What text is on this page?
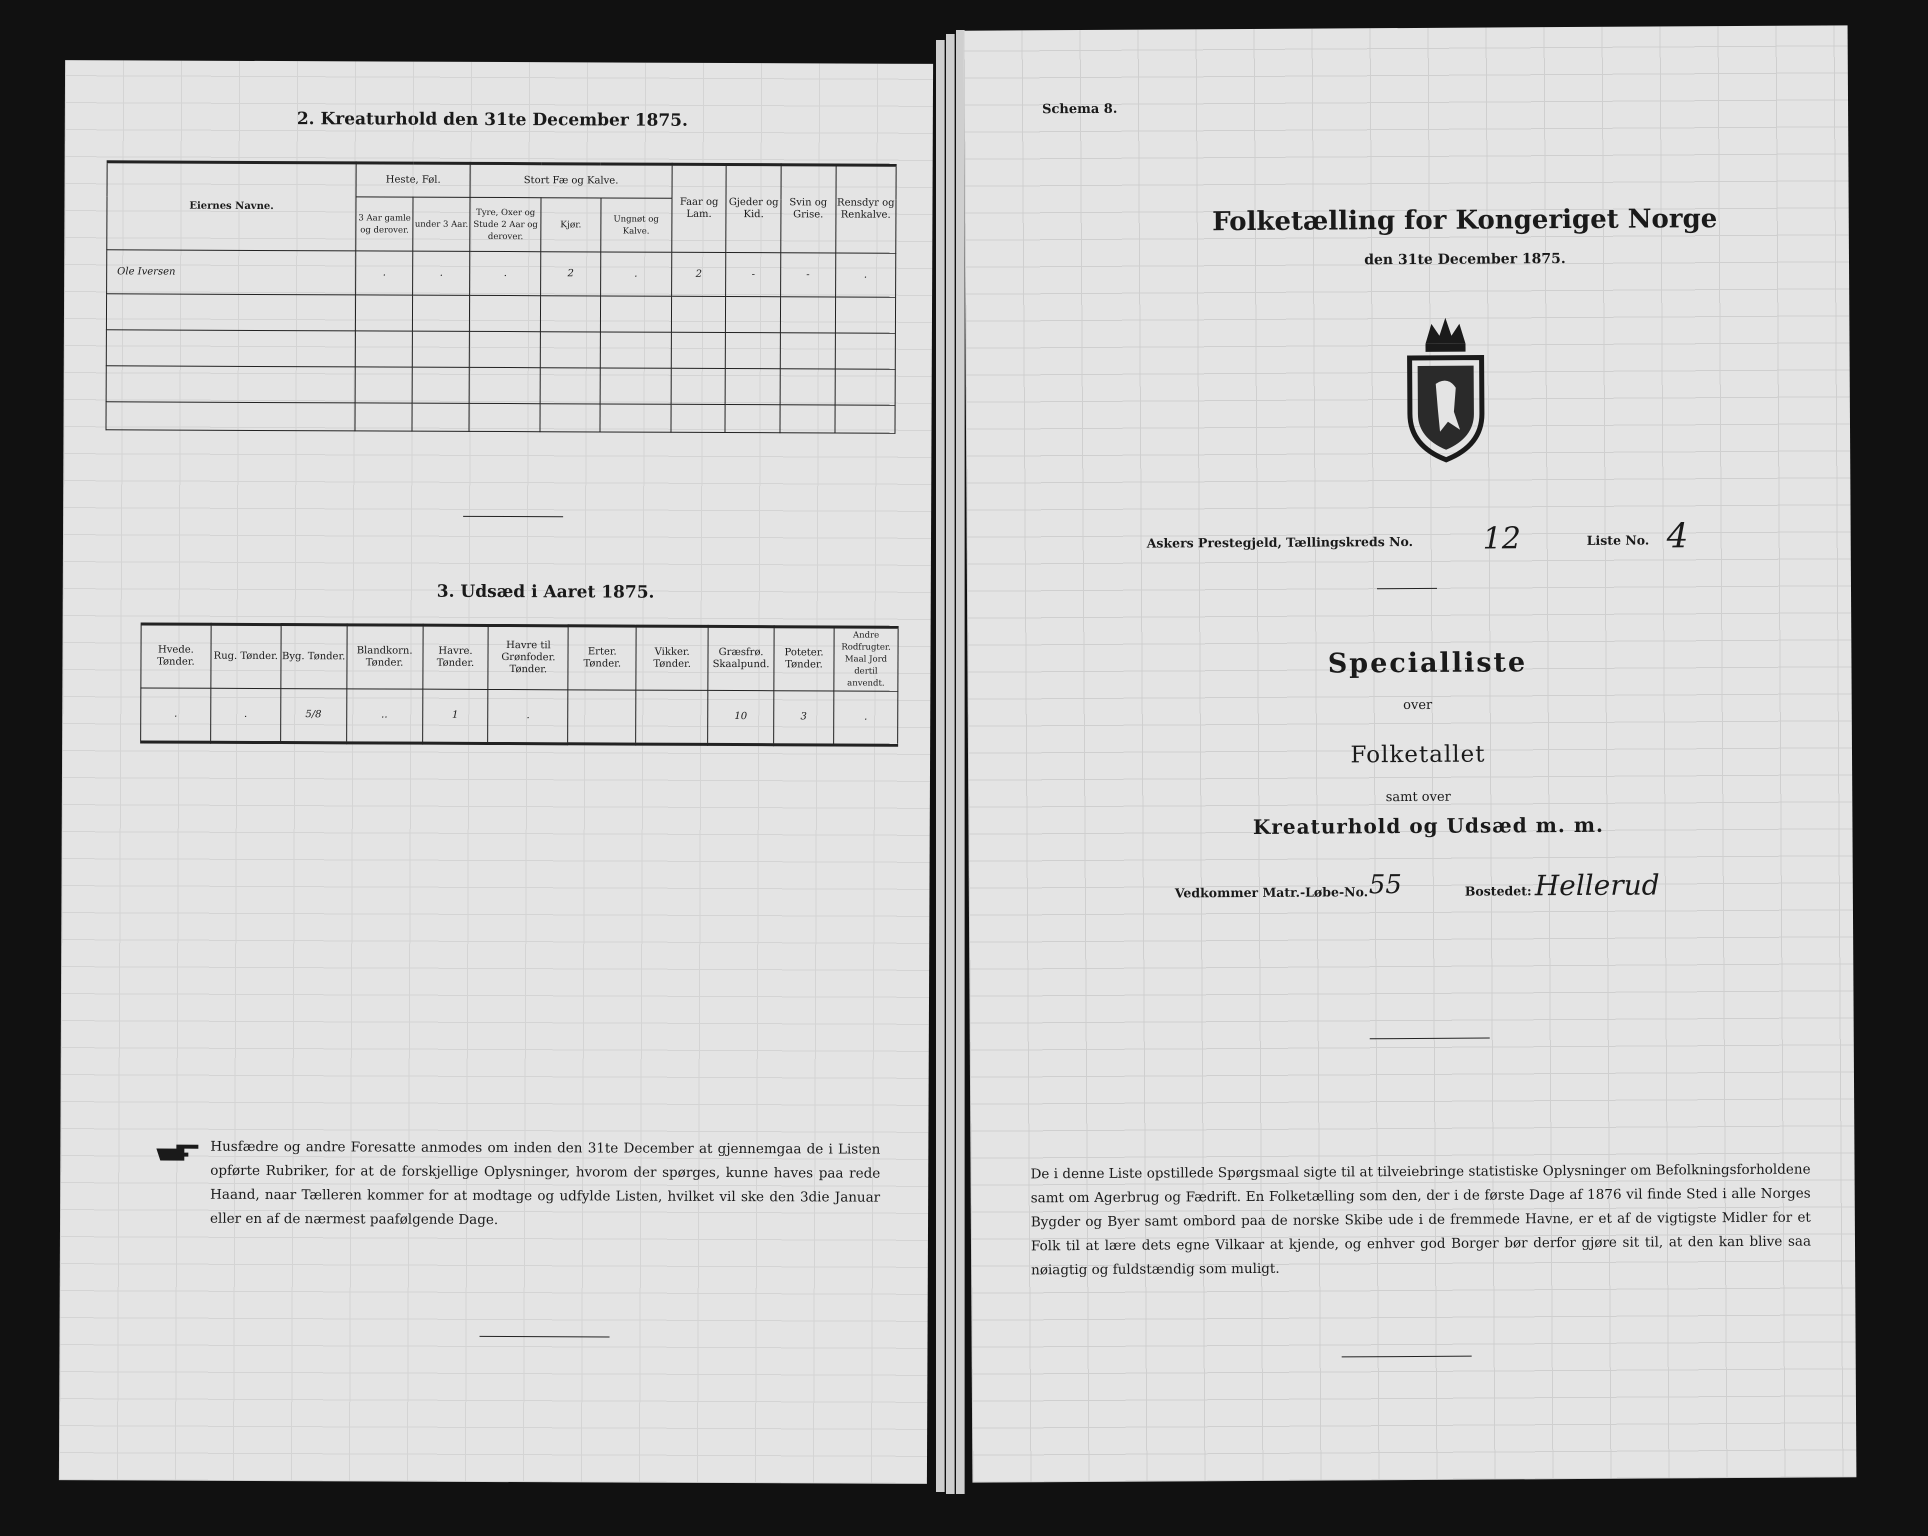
2. Kreaturhold den 31te December 1875.
Eiernes Navne.	Heste, Føl.		Stort Fæ og Kalve.			Faar og Lam.	Gjeder og Kid.	Svin og Grise.	Rensdyr og Renkalve.
	3 Aar gamle og derover.	under 3 Aar.	Tyre, Oxer og Stude 2 Aar og derover.	Kjør.	Ungnøt og Kalve.				
Ole Iversen	.	.	.	2	.	2	-	-	.

3. Udsæd i Aaret 1875.
Hvede. Tønder.	Rug. Tønder.	Byg. Tønder.	Blandkorn. Tønder.	Havre. Tønder.	Havre til Grønfoder. Tønder.	Erter. Tønder.	Vikker. Tønder.	Græsfrø. Skaalpund.	Poteter. Tønder.	Andre Rodfrugter. Maal Jord dertil anvendt.
.	.	5/8	..	1	.			10	3	.
Husfædre og andre Foresatte anmodes om inden den 31te December at gjennemgaa de i Listen opførte Rubriker, for at de forskjellige Oplysninger, hvorom der spørges, kunne haves paa rede Haand, naar Tælleren kommer for at modtage og udfylde Listen, hvilket vil ske den 3die Januar eller en af de nærmest paafølgende Dage.
Schema 8.
Folketælling for Kongeriget Norge
den 31te December 1875.
Askers Prestegjeld, Tællingskreds No. 12	Liste No. 4
Specialliste
over
Folketallet
samt over
Kreaturhold og Udsæd m. m.
Vedkommer Matr.-Løbe-No. 55	Bostedet: Hellerud
De i denne Liste opstillede Spørgsmaal sigte til at tilveiebringe statistiske Oplysninger om Befolkningsforholdene samt om Agerbrug og Fædrift. En Folketælling som den, der i de første Dage af 1876 vil finde Sted i alle Norges Bygder og Byer samt ombord paa de norske Skibe ude i de fremmede Havne, er et af de vigtigste Midler for et Folk til at lære dets egne Vilkaar at kjende, og enhver god Borger bør derfor gjøre sit til, at den kan blive saa nøiagtig og fuldstændig som muligt.
